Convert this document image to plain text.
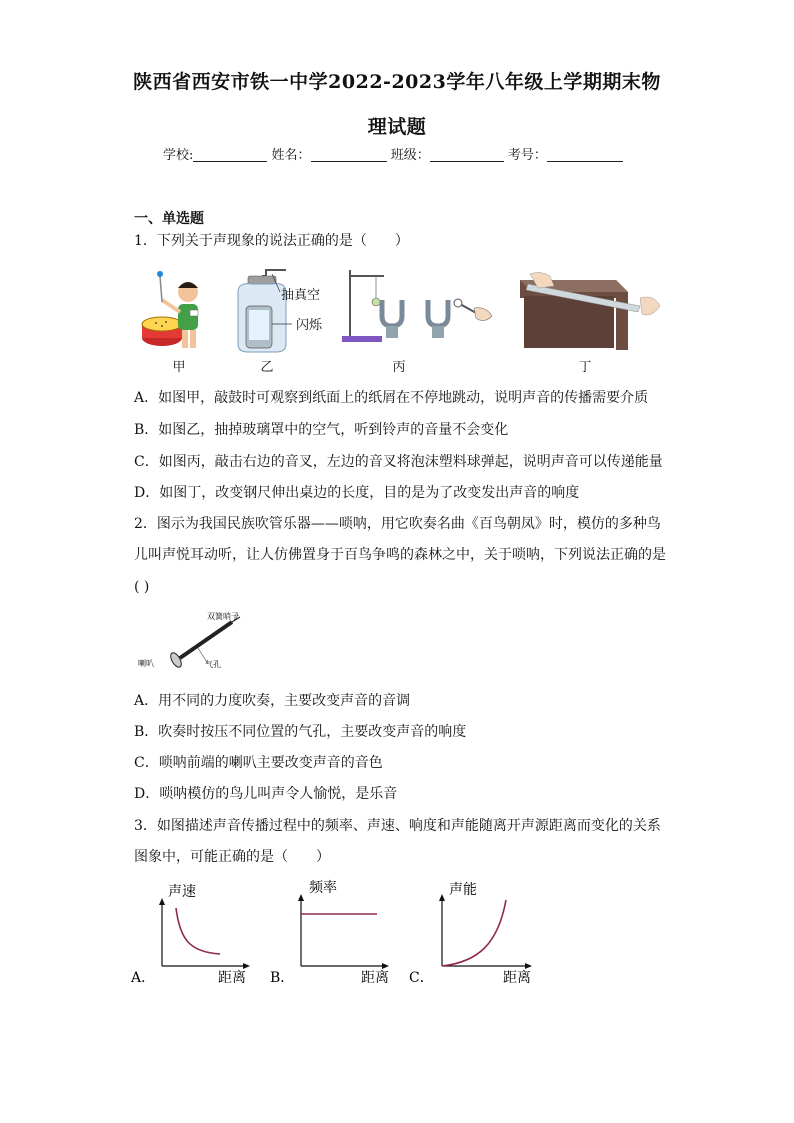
陕西省西安市铁一中学2022-2023学年八年级上学期期末物
理试题
学校:	姓名：	班级：	考号：
一、单选题
1．下列关于声现象的说法正确的是（　　）
抽真空
闪烁
甲	乙	丙	丁
A．如图甲，敲鼓时可观察到纸面上的纸屑在不停地跳动，说明声音的传播需要介质
B．如图乙，抽掉玻璃罩中的空气，听到铃声的音量不会变化
C．如图丙，敲击右边的音叉，左边的音叉将泡沫塑料球弹起，说明声音可以传递能量
D．如图丁，改变钢尺伸出桌边的长度，目的是为了改变发出声音的响度
2．图示为我国民族吹管乐器——唢呐，用它吹奏名曲《百鸟朝凤》时，模仿的多种鸟
儿叫声悦耳动听，让人仿佛置身于百鸟争鸣的森林之中，关于唢呐，下列说法正确的是
( )
双簧哨子
喇叭	气孔
A．用不同的力度吹奏，主要改变声音的音调
B．吹奏时按压不同位置的气孔，主要改变声音的响度
C．唢呐前端的喇叭主要改变声音的音色
D．唢呐模仿的鸟儿叫声令人愉悦，是乐音
3．如图描述声音传播过程中的频率、声速、响度和声能随离开声源距离而变化的关系
图象中，可能正确的是（　　）
A．
声速
距离 B．
频率
距离 C．
声能
距离
